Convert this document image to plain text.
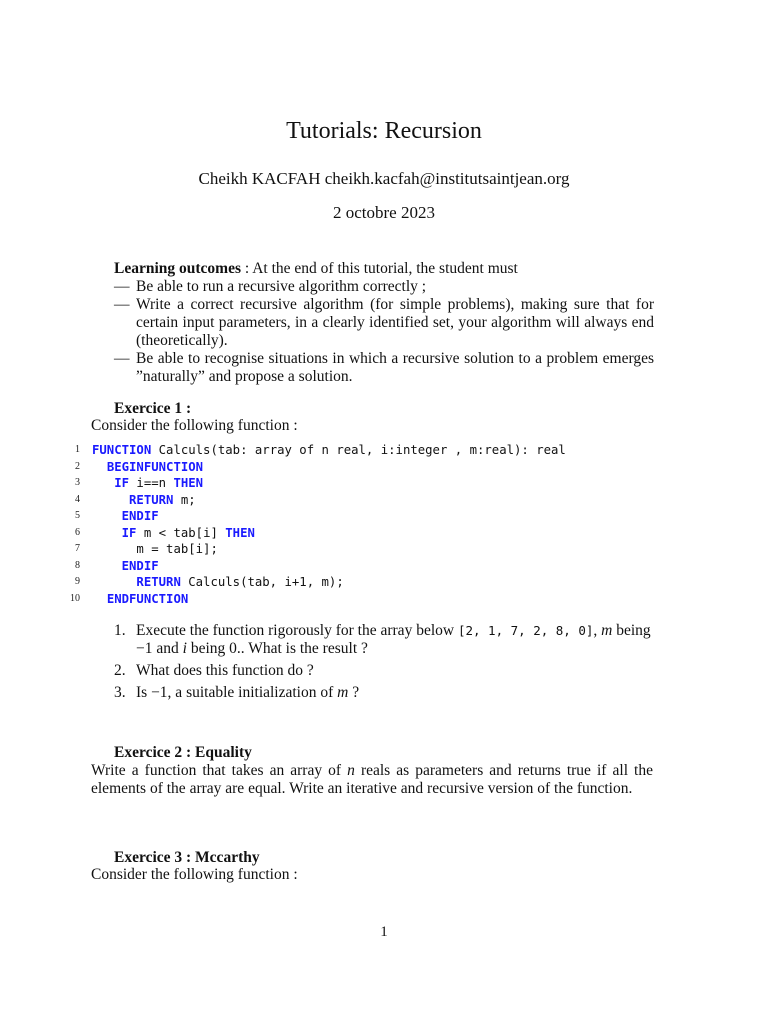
Tutorials: Recursion
Cheikh KACFAH cheikh.kacfah@institutsaintjean.org
2 octobre 2023
Learning outcomes : At the end of this tutorial, the student must
— Be able to run a recursive algorithm correctly ;
— Write a correct recursive algorithm (for simple problems), making sure that for certain input parameters, in a clearly identified set, your algorithm will always end (theoretically).
— Be able to recognise situations in which a recursive solution to a problem emerges ”naturally” and propose a solution.
Exercice 1 :
Consider the following function :
1 FUNCTION Calculs(tab: array of n real, i:integer , m:real): real
2	BEGINFUNCTION
3	IF i==n THEN
4	RETURN m;
5	ENDIF
6	IF m < tab[i] THEN
7	m = tab[i];
8	ENDIF
9	RETURN Calculs(tab, i+1, m);
10	ENDFUNCTION
1. Execute the function rigorously for the array below [2, 1, 7, 2, 8, 0], m being −1 and i being 0.. What is the result ?
2. What does this function do ?
3. Is −1, a suitable initialization of m ?
Exercice 2 : Equality
Write a function that takes an array of n reals as parameters and returns true if all the elements of the array are equal. Write an iterative and recursive version of the function.
Exercice 3 : Mccarthy
Consider the following function :
1
